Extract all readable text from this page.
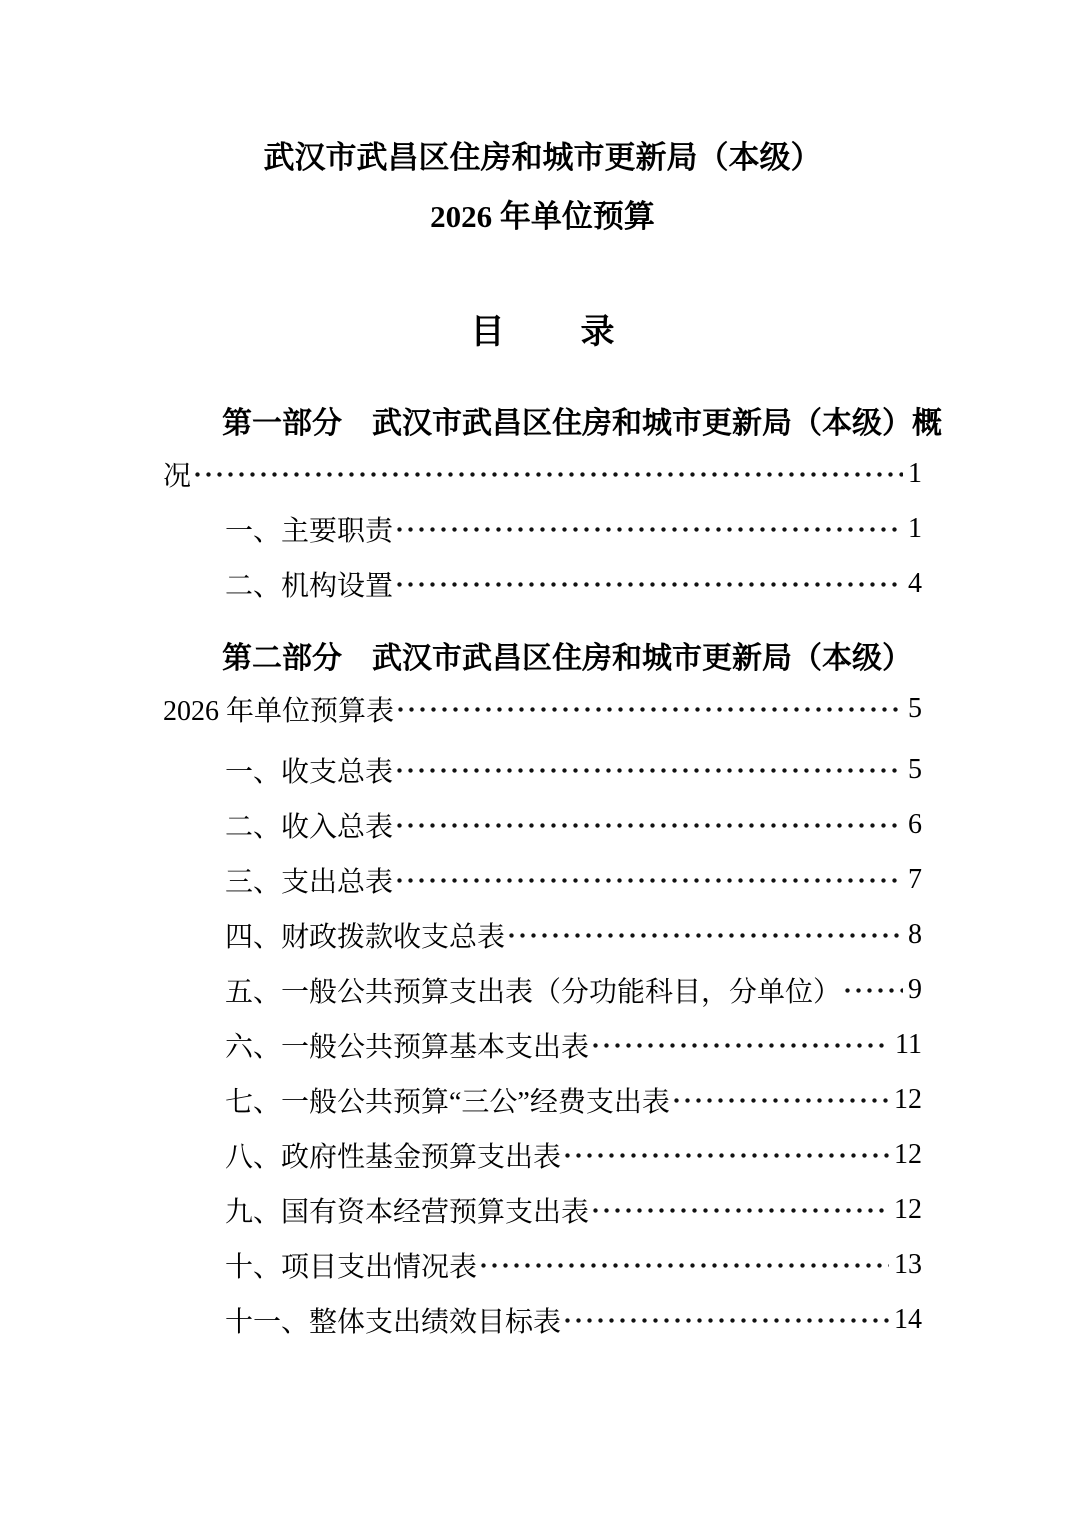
武汉市武昌区住房和城市更新局（本级）
2026 年单位预算
目 录
第一部分　武汉市武昌区住房和城市更新局（本级）概
况	1
一、主要职责	1
二、机构设置	4
第二部分　武汉市武昌区住房和城市更新局（本级）
2026 年单位预算表	5
一、收支总表	5
二、收入总表	6
三、支出总表	7
四、财政拨款收支总表	8
五、一般公共预算支出表（分功能科目，分单位） 9
六、一般公共预算基本支出表	11
七、一般公共预算“三公”经费支出表	12
八、政府性基金预算支出表	12
九、国有资本经营预算支出表	12
十、项目支出情况表	13
十一、整体支出绩效目标表	14
